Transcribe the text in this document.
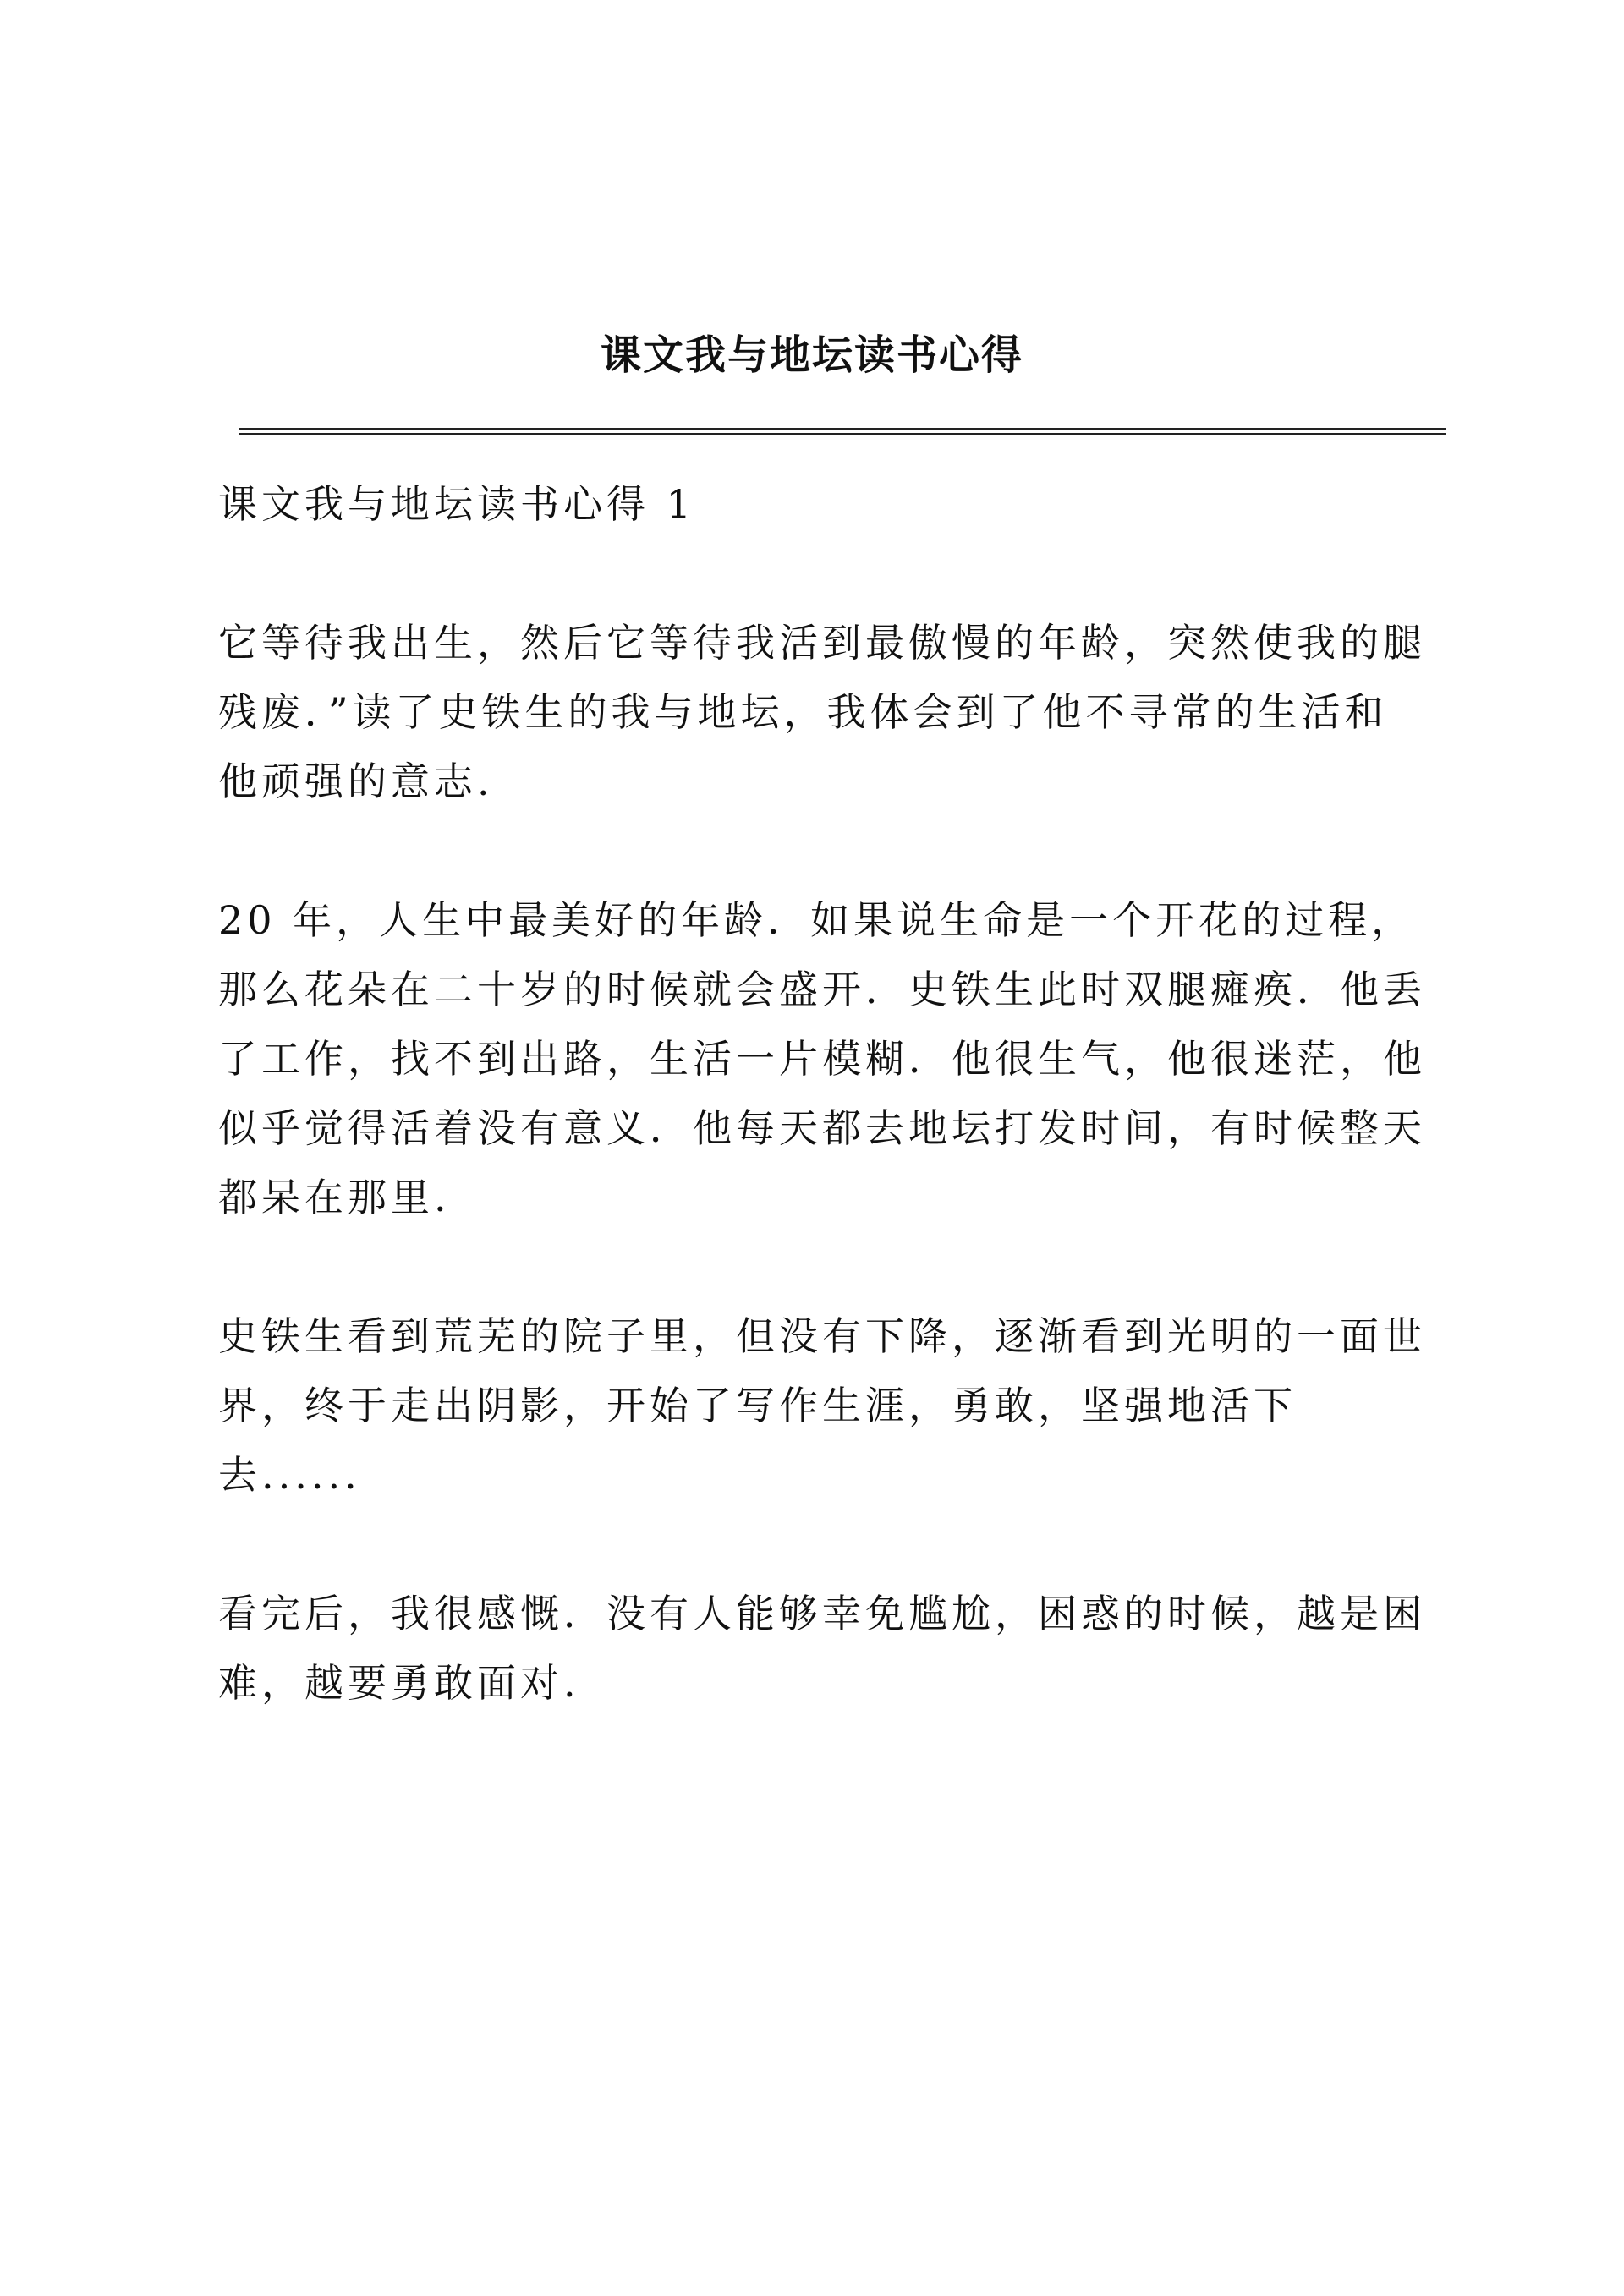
课文我与地坛读书心得
课文我与地坛读书心得 1
它等待我出生，然后它等待我活到最傲慢的年龄，突然使我的腿
残废．”读了史铁生的我与地坛，我体会到了他不寻常的生活和
他顽强的意志.
20 年，人生中最美好的年龄．如果说生命是一个开花的过程，
那么花朵在二十岁的时候就会盛开．史铁生此时双腿瘫痪．他丢
了工作，找不到出路，生活一片模糊．他很生气，他很迷茫，他
似乎觉得活着没有意义．他每天都去地坛打发时间，有时候整天
都呆在那里.
史铁生看到荒芜的院子里，但没有下降，逐渐看到光明的一面世
界，终于走出阴影，开始了写作生涯，勇敢，坚强地活下
去......
看完后，我很感慨．没有人能够幸免尴尬，困惑的时候，越是困
难，越要勇敢面对.
